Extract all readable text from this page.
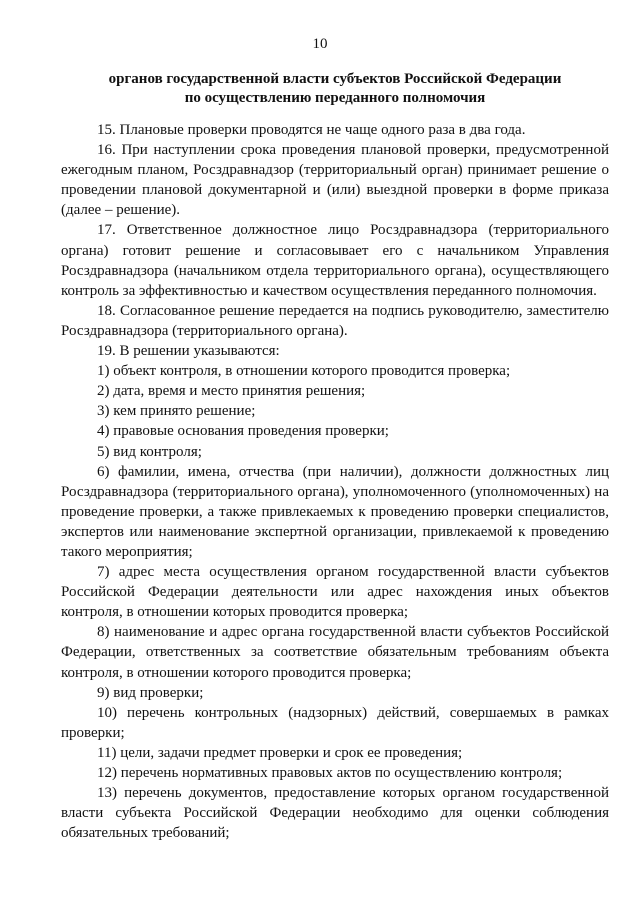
10
органов государственной власти субъектов Российской Федерации
по осуществлению переданного полномочия

15. Плановые проверки проводятся не чаще одного раза в два года.

16. При наступлении срока проведения плановой проверки, предусмотренной ежегодным планом, Росздравнадзор (территориальный орган) принимает решение о проведении плановой документарной и (или) выездной проверки в форме приказа (далее – решение).

17. Ответственное должностное лицо Росздравнадзора (территориального органа) готовит решение и согласовывает его с начальником Управления Росздравнадзора (начальником отдела территориального органа), осуществляющего контроль за эффективностью и качеством осуществления переданного полномочия.

18. Согласованное решение передается на подпись руководителю, заместителю Росздравнадзора (территориального органа).

19. В решении указываются:

1) объект контроля, в отношении которого проводится проверка;

2) дата, время и место принятия решения;

3) кем принято решение;

4) правовые основания проведения проверки;

5) вид контроля;

6) фамилии, имена, отчества (при наличии), должности должностных лиц Росздравнадзора (территориального органа), уполномоченного (уполномоченных) на проведение проверки, а также привлекаемых к проведению проверки специалистов, экспертов или наименование экспертной организации, привлекаемой к проведению такого мероприятия;

7) адрес места осуществления органом государственной власти субъектов Российской Федерации деятельности или адрес нахождения иных объектов контроля, в отношении которых проводится проверка;

8) наименование и адрес органа государственной власти субъектов Российской Федерации, ответственных за соответствие обязательным требованиям объекта контроля, в отношении которого проводится проверка;

9) вид проверки;

10) перечень контрольных (надзорных) действий, совершаемых в рамках проверки;

11) цели, задачи предмет проверки и срок ее проведения;

12) перечень нормативных правовых актов по осуществлению контроля;

13) перечень документов, предоставление которых органом государственной власти субъекта Российской Федерации необходимо для оценки соблюдения обязательных требований;
